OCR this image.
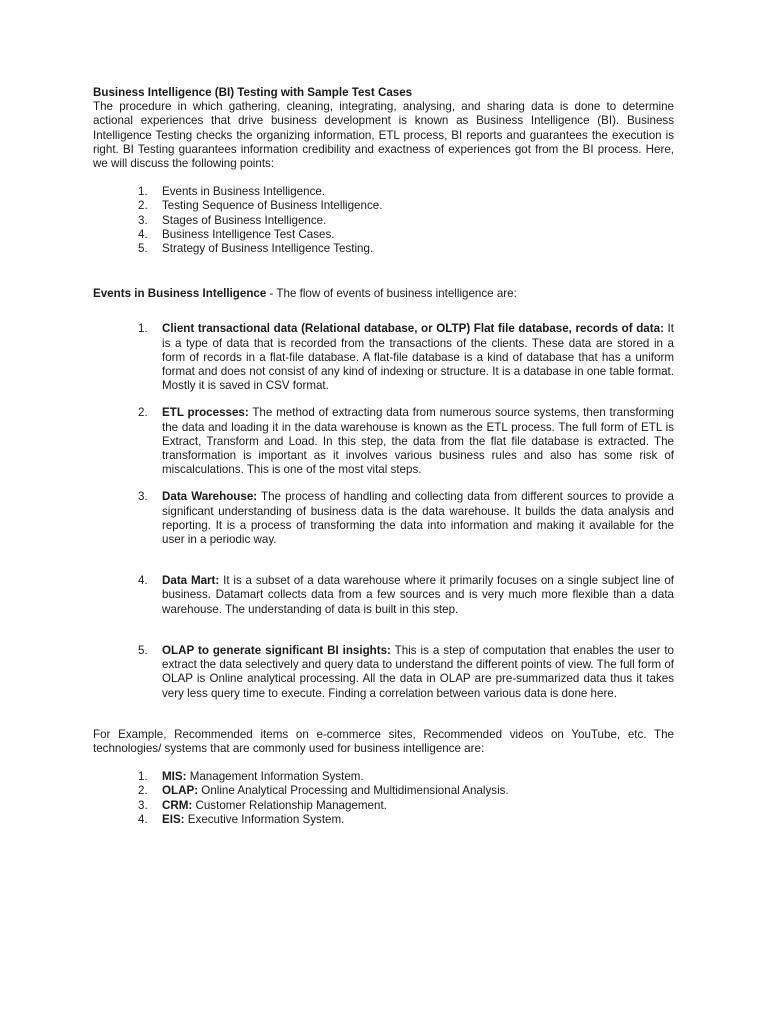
Business Intelligence (BI) Testing with Sample Test Cases

The procedure in which gathering, cleaning, integrating, analysing, and sharing data is done to determine actional experiences that drive business development is known as Business Intelligence (BI). Business Intelligence Testing checks the organizing information, ETL process, BI reports and guarantees the execution is right. BI Testing guarantees information credibility and exactness of experiences got from the BI process. Here, we will discuss the following points:

1.	Events in Business Intelligence.
2.	Testing Sequence of Business Intelligence.
3.	Stages of Business Intelligence.
4.	Business Intelligence Test Cases.
5.	Strategy of Business Intelligence Testing.

Events in Business Intelligence - The flow of events of business intelligence are:

1.	Client transactional data (Relational database, or OLTP) Flat file database, records of data: It is a type of data that is recorded from the transactions of the clients. These data are stored in a form of records in a flat-file database. A flat-file database is a kind of database that has a uniform format and does not consist of any kind of indexing or structure. It is a database in one table format. Mostly it is saved in CSV format.
2.	ETL processes: The method of extracting data from numerous source systems, then transforming the data and loading it in the data warehouse is known as the ETL process. The full form of ETL is Extract, Transform and Load. In this step, the data from the flat file database is extracted. The transformation is important as it involves various business rules and also has some risk of miscalculations. This is one of the most vital steps.
3.	Data Warehouse: The process of handling and collecting data from different sources to provide a significant understanding of business data is the data warehouse. It builds the data analysis and reporting. It is a process of transforming the data into information and making it available for the user in a periodic way.
4.	Data Mart: It is a subset of a data warehouse where it primarily focuses on a single subject line of business. Datamart collects data from a few sources and is very much more flexible than a data warehouse. The understanding of data is built in this step.
5.	OLAP to generate significant BI insights: This is a step of computation that enables the user to extract the data selectively and query data to understand the different points of view. The full form of OLAP is Online analytical processing. All the data in OLAP are pre-summarized data thus it takes very less query time to execute. Finding a correlation between various data is done here.

For Example, Recommended items on e-commerce sites, Recommended videos on YouTube, etc. The technologies/ systems that are commonly used for business intelligence are:

1.	MIS: Management Information System.
2.	OLAP: Online Analytical Processing and Multidimensional Analysis.
3.	CRM: Customer Relationship Management.
4.	EIS: Executive Information System.
